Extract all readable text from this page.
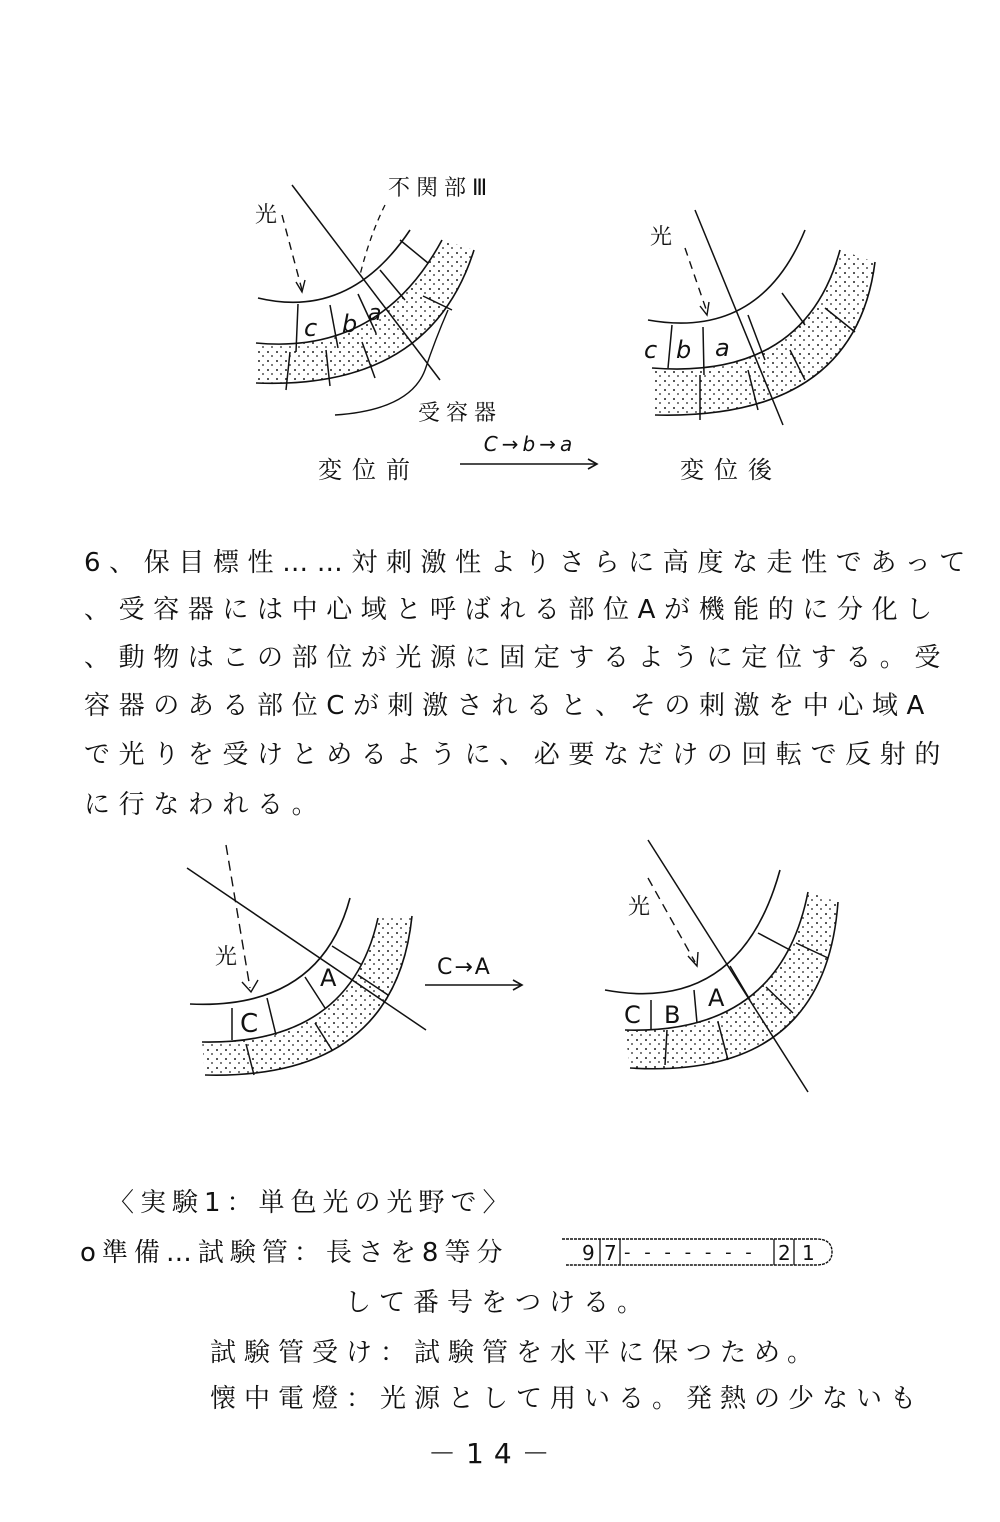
光
不関部Ⅲ
受容器
c b a
変位前
C→b→a
光
c b a
変位後
6、保目標性……対刺激性よりさらに高度な走性であって
、受容器には中心域と呼ばれる部位Aが機能的に分化し
、動物はこの部位が光源に固定するように定位する。受
容器のある部位Cが刺激されると、その刺激を中心域A
で光りを受けとめるように、必要なだけの回転で反射的
に行なわれる。
光
C
A	C→A
光
C B
A
〈実験1：単色光の光野で〉
o準備…試験管：長さを8等分	9 7 - - - - - - - 2 1
して番号をつける。
試験管受け：試験管を水平に保つため。
懐中電燈：光源として用いる。発熱の少ないも
－14－
